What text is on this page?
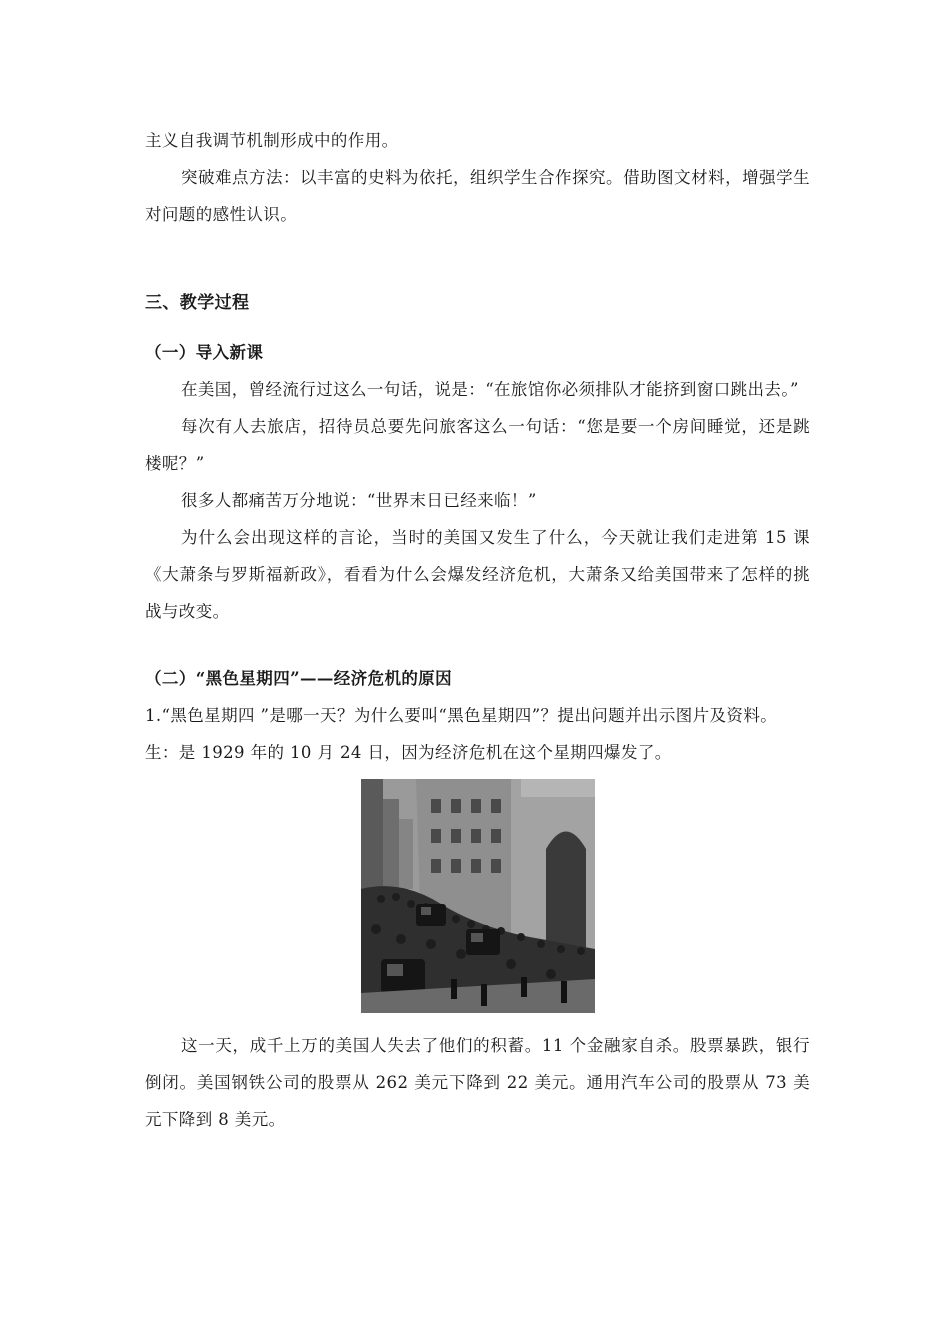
主义自我调节机制形成中的作用。

突破难点方法：以丰富的史料为依托，组织学生合作探究。借助图文材料，增强学生对问题的感性认识。

三、教学过程

（一）导入新课

在美国，曾经流行过这么一句话，说是：“在旅馆你必须排队才能挤到窗口跳出去。”

每次有人去旅店，招待员总要先问旅客这么一句话：“您是要一个房间睡觉，还是跳楼呢？”

很多人都痛苦万分地说：“世界末日已经来临！”

为什么会出现这样的言论，当时的美国又发生了什么，今天就让我们走进第 15 课《大萧条与罗斯福新政》，看看为什么会爆发经济危机，大萧条又给美国带来了怎样的挑战与改变。

（二）“黑色星期四”——经济危机的原因

1.“黑色星期四 ”是哪一天？为什么要叫“黑色星期四”？提出问题并出示图片及资料。

生：是 1929 年的 10 月 24 日，因为经济危机在这个星期四爆发了。

这一天，成千上万的美国人失去了他们的积蓄。11 个金融家自杀。股票暴跌，银行倒闭。美国钢铁公司的股票从 262 美元下降到 22 美元。通用汽车公司的股票从 73 美元下降到 8 美元。
